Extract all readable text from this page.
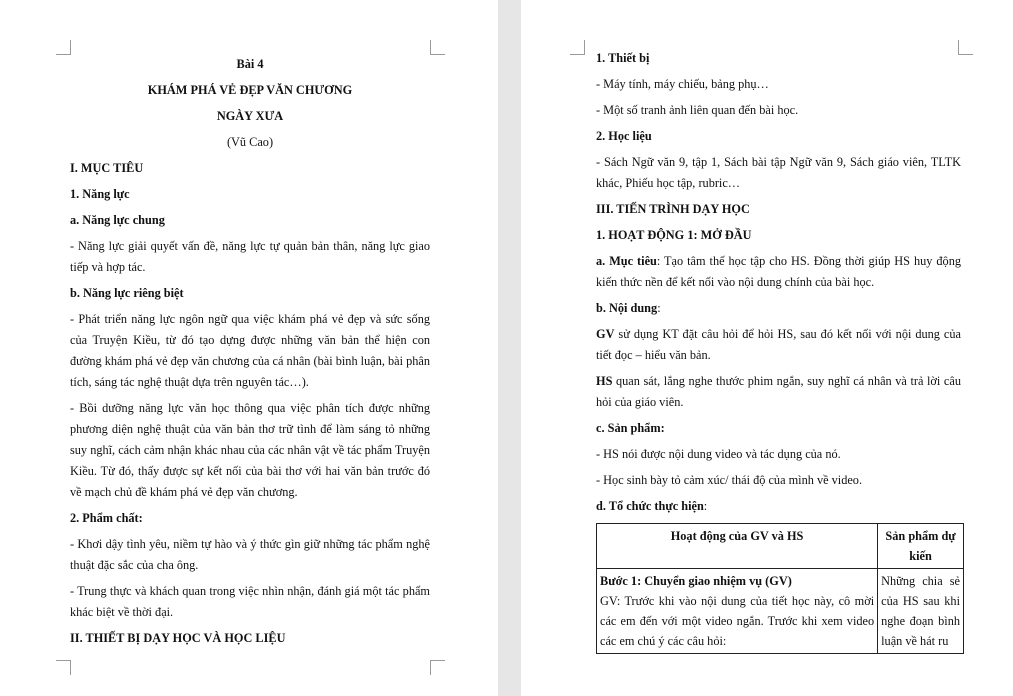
Bài 4

KHÁM PHÁ VẺ ĐẸP VĂN CHƯƠNG

NGÀY XƯA

(Vũ Cao)

I. MỤC TIÊU

1. Năng lực

a. Năng lực chung

- Năng lực giải quyết vấn đề, năng lực tự quản bản thân, năng lực giao tiếp và hợp tác.

b. Năng lực riêng biệt

- Phát triển năng lực ngôn ngữ qua việc khám phá vẻ đẹp và sức sống của Truyện Kiều, từ đó tạo dựng được những văn bản thể hiện con đường khám phá vẻ đẹp văn chương của cá nhân (bài bình luận, bài phân tích, sáng tác nghệ thuật dựa trên nguyên tác…).

- Bồi dưỡng năng lực văn học thông qua việc phân tích được những phương diện nghệ thuật của văn bản thơ trữ tình để làm sáng tỏ những suy nghĩ, cách cảm nhận khác nhau của các nhân vật về tác phẩm Truyện Kiều. Từ đó, thấy được sự kết nối của bài thơ với hai văn bản trước đó về mạch chủ đề khám phá vẻ đẹp văn chương.

2. Phẩm chất:

- Khơi dậy tình yêu, niềm tự hào và ý thức gìn giữ những tác phẩm nghệ thuật đặc sắc của cha ông.

- Trung thực và khách quan trong việc nhìn nhận, đánh giá một tác phẩm khác biệt về thời đại.

II. THIẾT BỊ DẠY HỌC VÀ HỌC LIỆU

1. Thiết bị

- Máy tính, máy chiếu, bảng phụ…

- Một số tranh ảnh liên quan đến bài học.

2. Học liệu

- Sách Ngữ văn 9, tập 1, Sách bài tập Ngữ văn 9, Sách giáo viên, TLTK khác, Phiếu học tập, rubric…

III. TIẾN TRÌNH DẠY HỌC

1. HOẠT ĐỘNG 1: MỞ ĐẦU

a. Mục tiêu: Tạo tâm thế học tập cho HS. Đồng thời giúp HS huy động kiến thức nền để kết nối vào nội dung chính của bài học.

b. Nội dung:

GV sử dụng KT đặt câu hỏi để hỏi HS, sau đó kết nối với nội dung của tiết đọc – hiểu văn bản.

HS quan sát, lắng nghe thước phim ngắn, suy nghĩ cá nhân và trả lời câu hỏi của giáo viên.

c. Sản phẩm:

- HS nói được nội dung video và tác dụng của nó.

- Học sinh bày tỏ cảm xúc/ thái độ của mình về video.

d. Tổ chức thực hiện:

Hoạt động của GV và HS	Sản phẩm dự kiến
Bước 1: Chuyển giao nhiệm vụ (GV)
GV: Trước khi vào nội dung của tiết học này, cô mời các em đến với một video ngắn. Trước khi xem video các em chú ý các câu hỏi:	Những chia sẻ của HS sau khi nghe đoạn bình luận về hát ru
